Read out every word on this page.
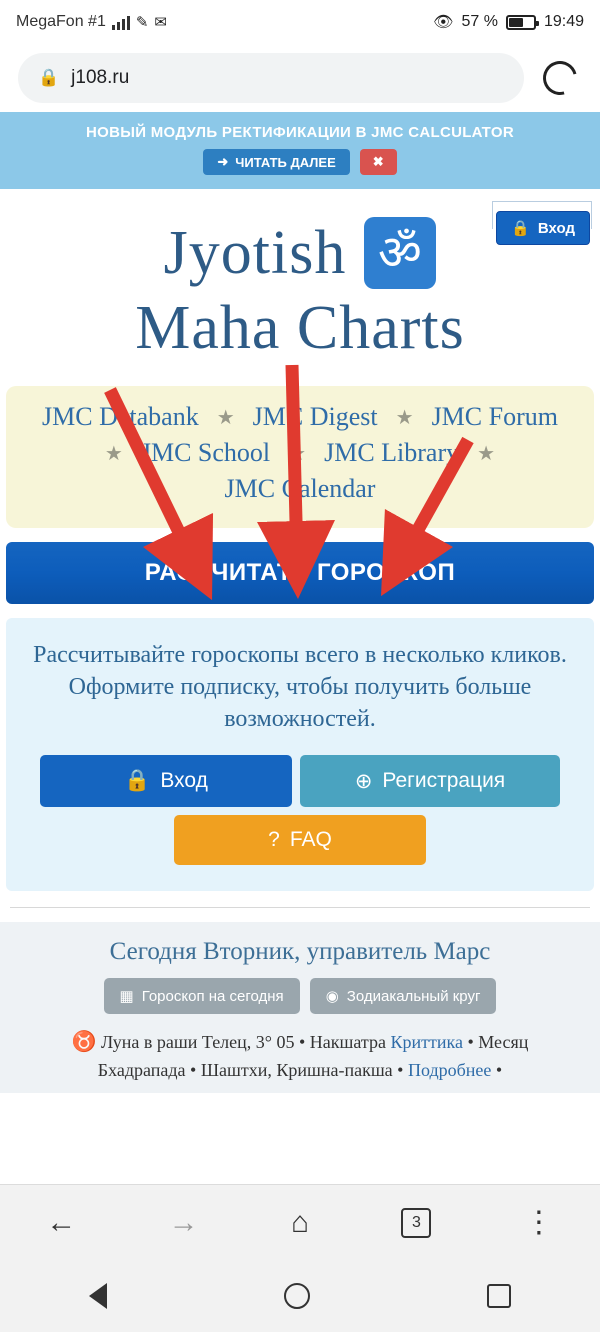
MegaFon #1 ✎ ✉	👁 57 %	19:49
🔒 j108.ru
НОВЫЙ МОДУЛЬ РЕКТИФИКАЦИИ В JMC CALCULATOR
➜ ЧИТАТЬ ДАЛЕЕ	✖
🔒 Вход
Jyotish ॐ
Maha Charts
JMC Databank ★ JMC Digest ★ JMC Forum
★ JMC School ★ JMC Library ★
JMC Calendar
РАССЧИТАТЬ ГОРОСКОП
Рассчитывайте гороскопы всего в несколько кликов.
Оформите подписку, чтобы получить больше возможностей.
🔒 Вход	⊕ Регистрация
? FAQ
Сегодня Вторник, управитель Марс
▦ Гороскоп на сегодня	◉ Зодиакальный круг
♉ Луна в раши Телец, 3° 05 • Накшатра Криттика • Месяц
Бхадрапада • Шаштхи, Кришна-пакша • Подробнее •
←	→	⌂	3	⋮
